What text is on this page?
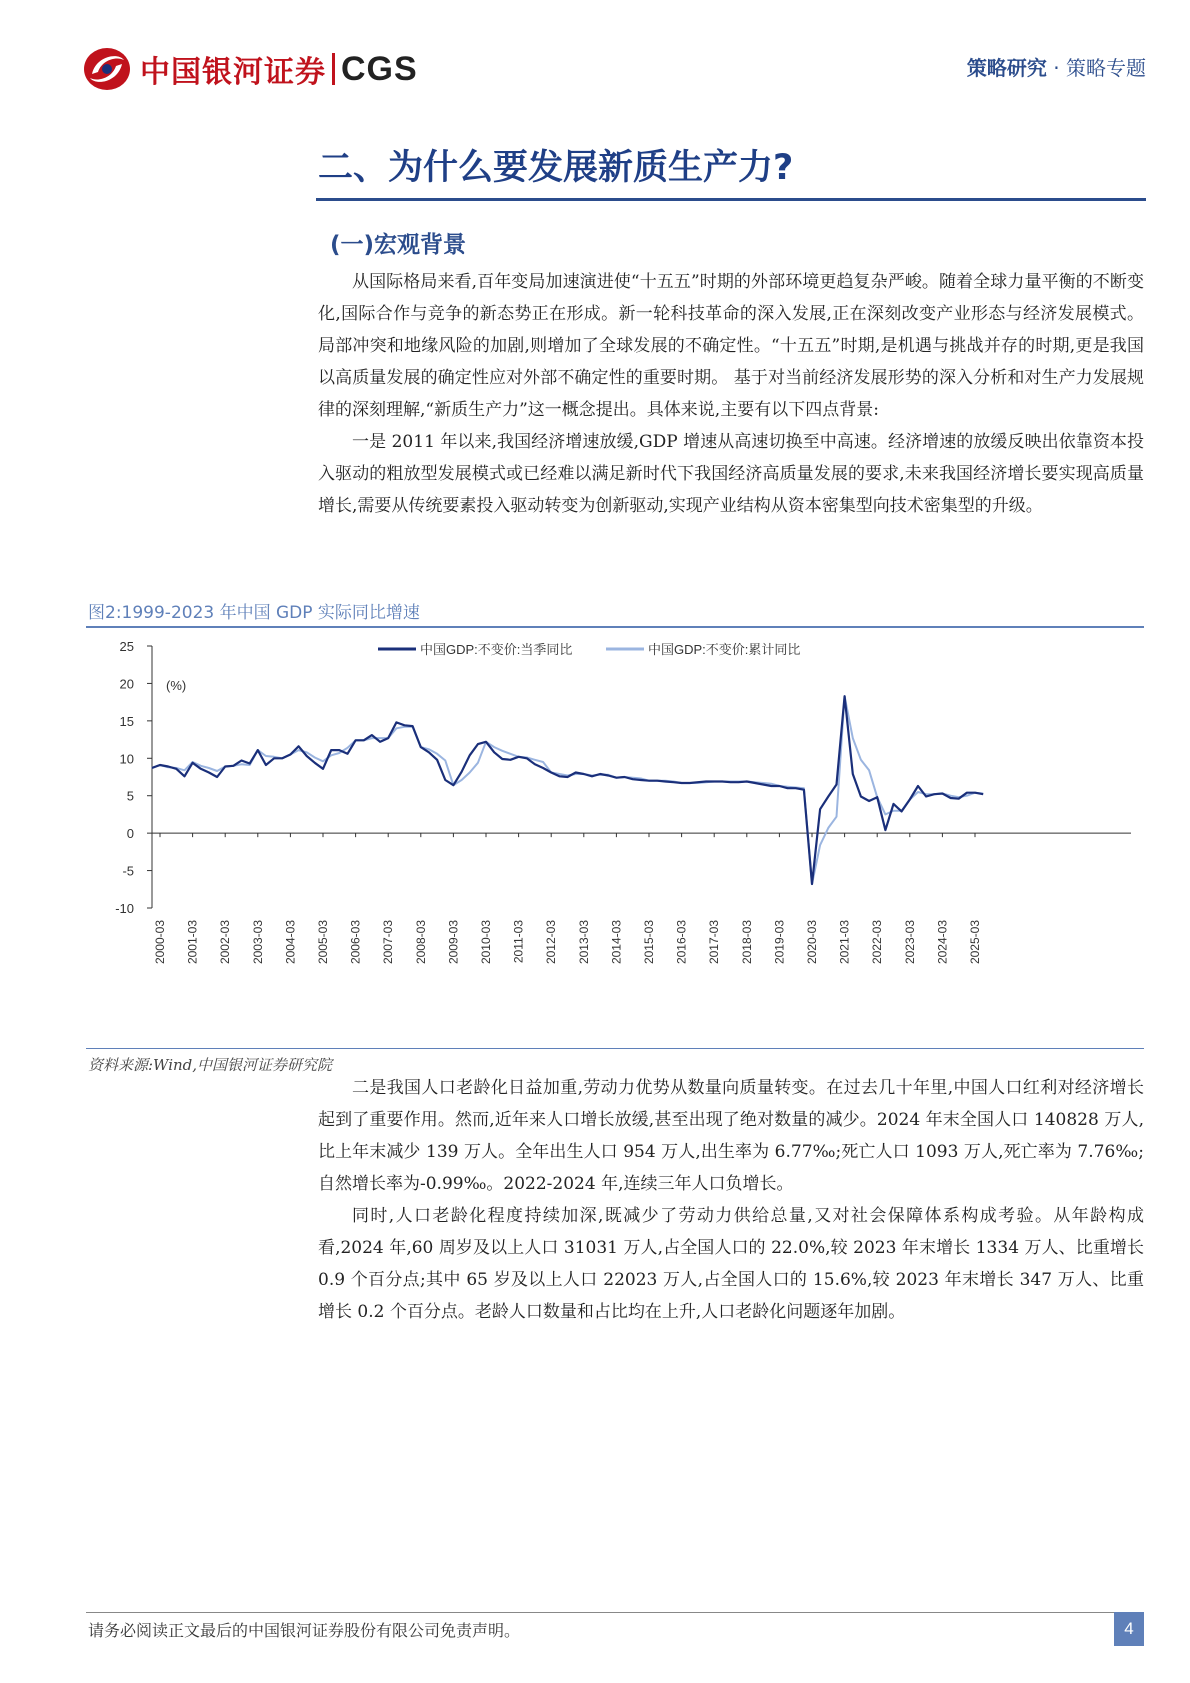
中国银河证券 CGS	策略研究 · 策略专题
二、为什么要发展新质生产力?
(一)宏观背景

从国际格局来看,百年变局加速演进使“十五五”时期的外部环境更趋复杂严峻。随着全球力量平衡的不断变化,国际合作与竞争的新态势正在形成。新一轮科技革命的深入发展,正在深刻改变产业形态与经济发展模式。局部冲突和地缘风险的加剧,则增加了全球发展的不确定性。“十五五”时期,是机遇与挑战并存的时期,更是我国以高质量发展的确定性应对外部不确定性的重要时期。 基于对当前经济发展形势的深入分析和对生产力发展规律的深刻理解,“新质生产力”这一概念提出。具体来说,主要有以下四点背景:

一是 2011 年以来,我国经济增速放缓,GDP 增速从高速切换至中高速。经济增速的放缓反映出依靠资本投入驱动的粗放型发展模式或已经难以满足新时代下我国经济高质量发展的要求,未来我国经济增长要实现高质量增长,需要从传统要素投入驱动转变为创新驱动,实现产业结构从资本密集型向技术密集型的升级。

图2:1999-2023 年中国 GDP 实际同比增速
中国GDP:不变价:当季同比	中国GDP:不变价:累计同比
(%)
25
20
15
10
5
0
-5
-10
2000-03 2001-03 2002-03 2003-03 2004-03 2005-03 2006-03 2007-03 2008-03 2009-03 2010-03 2011-03 2012-03 2013-03 2014-03 2015-03 2016-03 2017-03 2018-03 2019-03 2020-03 2021-03 2022-03 2023-03 2024-03 2025-03
资料来源:Wind,中国银河证券研究院

二是我国人口老龄化日益加重,劳动力优势从数量向质量转变。在过去几十年里,中国人口红利对经济增长起到了重要作用。然而,近年来人口增长放缓,甚至出现了绝对数量的减少。2024 年末全国人口 140828 万人,比上年末减少 139 万人。全年出生人口 954 万人,出生率为 6.77‰;死亡人口 1093 万人,死亡率为 7.76‰;自然增长率为-0.99‰。2022-2024 年,连续三年人口负增长。

同时,人口老龄化程度持续加深,既减少了劳动力供给总量,又对社会保障体系构成考验。从年龄构成看,2024 年,60 周岁及以上人口 31031 万人,占全国人口的 22.0%,较 2023 年末增长 1334 万人、比重增长 0.9 个百分点;其中 65 岁及以上人口 22023 万人,占全国人口的 15.6%,较 2023 年末增长 347 万人、比重增长 0.2 个百分点。老龄人口数量和占比均在上升,人口老龄化问题逐年加剧。

请务必阅读正文最后的中国银河证券股份有限公司免责声明。	4
